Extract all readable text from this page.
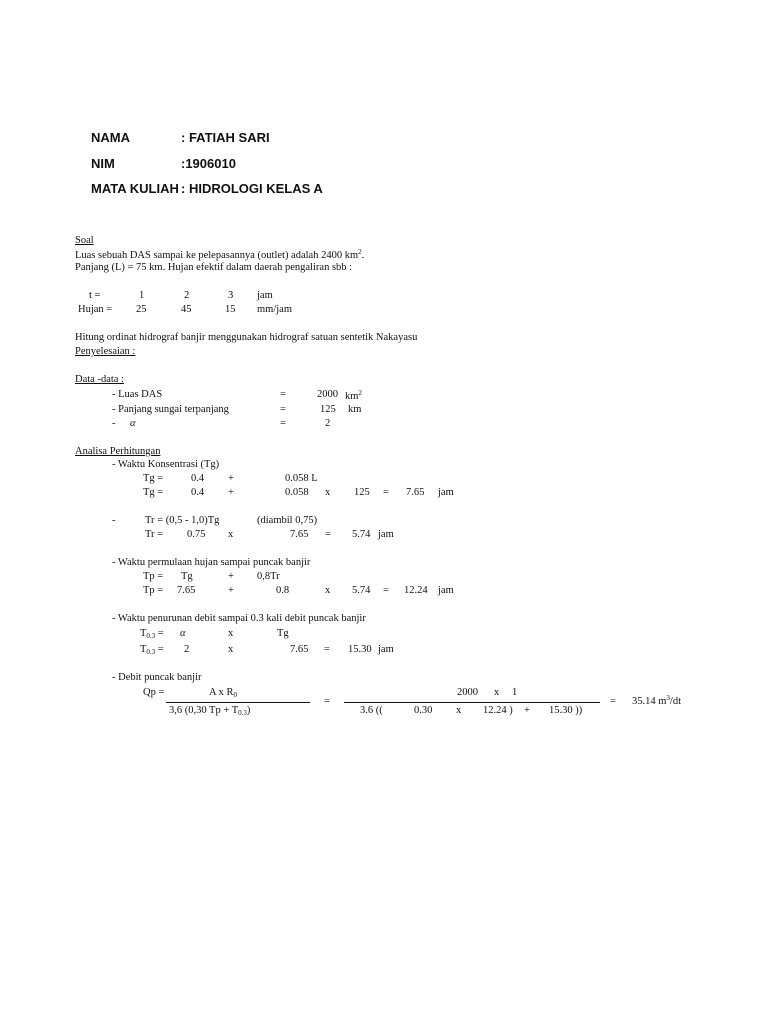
NAMA	: FATIAH SARI
NIM	:1906010
MATA KULIAH : HIDROLOGI KELAS A
Soal
Luas sebuah DAS sampai ke pelepasannya (outlet) adalah 2400 $km^2$.
Panjang (L) = 75 km. Hujan efektif dalam daerah pengaliran sbb :
t =	1	2	3 jam
Hujan = 25	45	15 mm/jam
Hitung ordinat hidrograf banjir menggunakan hidrograf satuan sentetik Nakayasu
Penyelesaian :
Data -data :
- Luas DAS	=	2000 $km^2$
- Panjang sungai terpanjang	=	125 km
- α	=	2
Analisa Perhitungan
- Waktu Konsentrasi (Tg)
Tg =	0.4 +	0.058 L
Tg =	0.4 +	0.058 x 125 = 7.65 jam
-	Tr = (0,5 - 1,0)Tg	(diambil 0,75)
Tr = 0.75 x	7.65 = 5.74 jam
- Waktu permulaan hujan sampai puncak banjir
Tp = Tg	+ 0,8Tr
Tp = 7.65	+	0.8	x 5.74 = 12.24 jam
- Waktu penurunan debit sampai 0.3 kali debit puncak banjir
$T_{0.3} = \alpha$	x	Tg
$T_{0.3} = 2$	x	7.65 = 15.30 jam
- Debit puncak banjir
Qp =	A x $R_0$
3,6 (0,30 $Tp + T_{0.3}$)
=
2000 x 1
3.6 ((	0.30 x 12.24 ) + 15.30 ))
= 35.14 $m^3/dt$
